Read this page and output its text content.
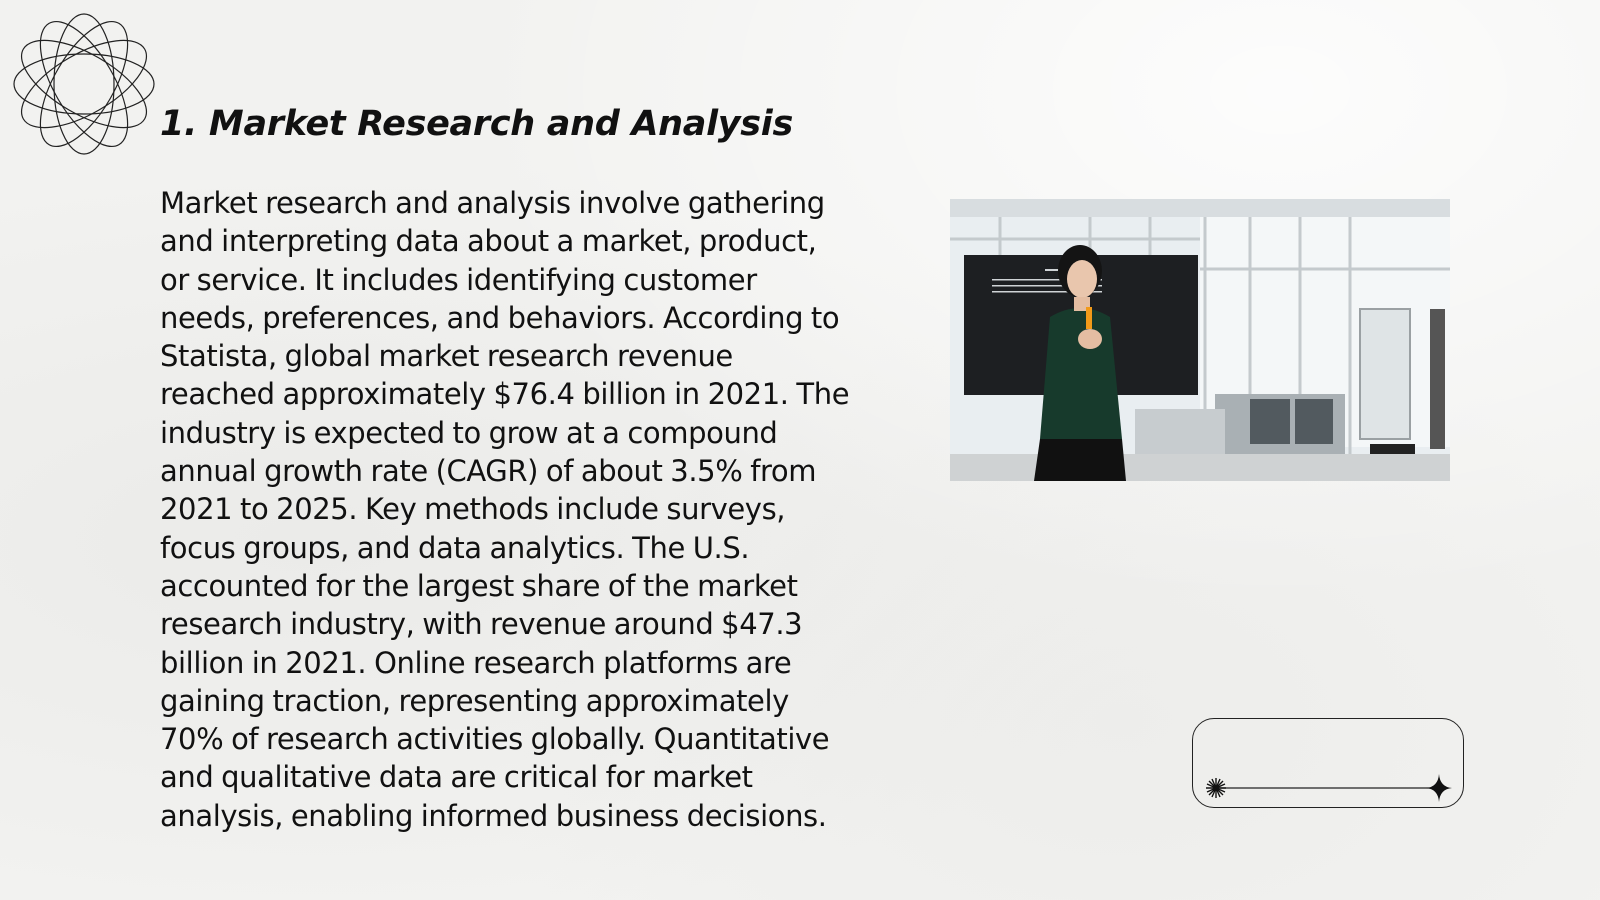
1. Market Research and Analysis

Market research and analysis involve gathering and interpreting data about a market, product, or service. It includes identifying customer needs, preferences, and behaviors. According to Statista, global market research revenue reached approximately $76.4 billion in 2021. The industry is expected to grow at a compound annual growth rate (CAGR) of about 3.5% from 2021 to 2025. Key methods include surveys, focus groups, and data analytics. The U.S. accounted for the largest share of the market research industry, with revenue around $47.3 billion in 2021. Online research platforms are gaining traction, representing approximately 70% of research activities globally. Quantitative and qualitative data are critical for market analysis, enabling informed business decisions.
